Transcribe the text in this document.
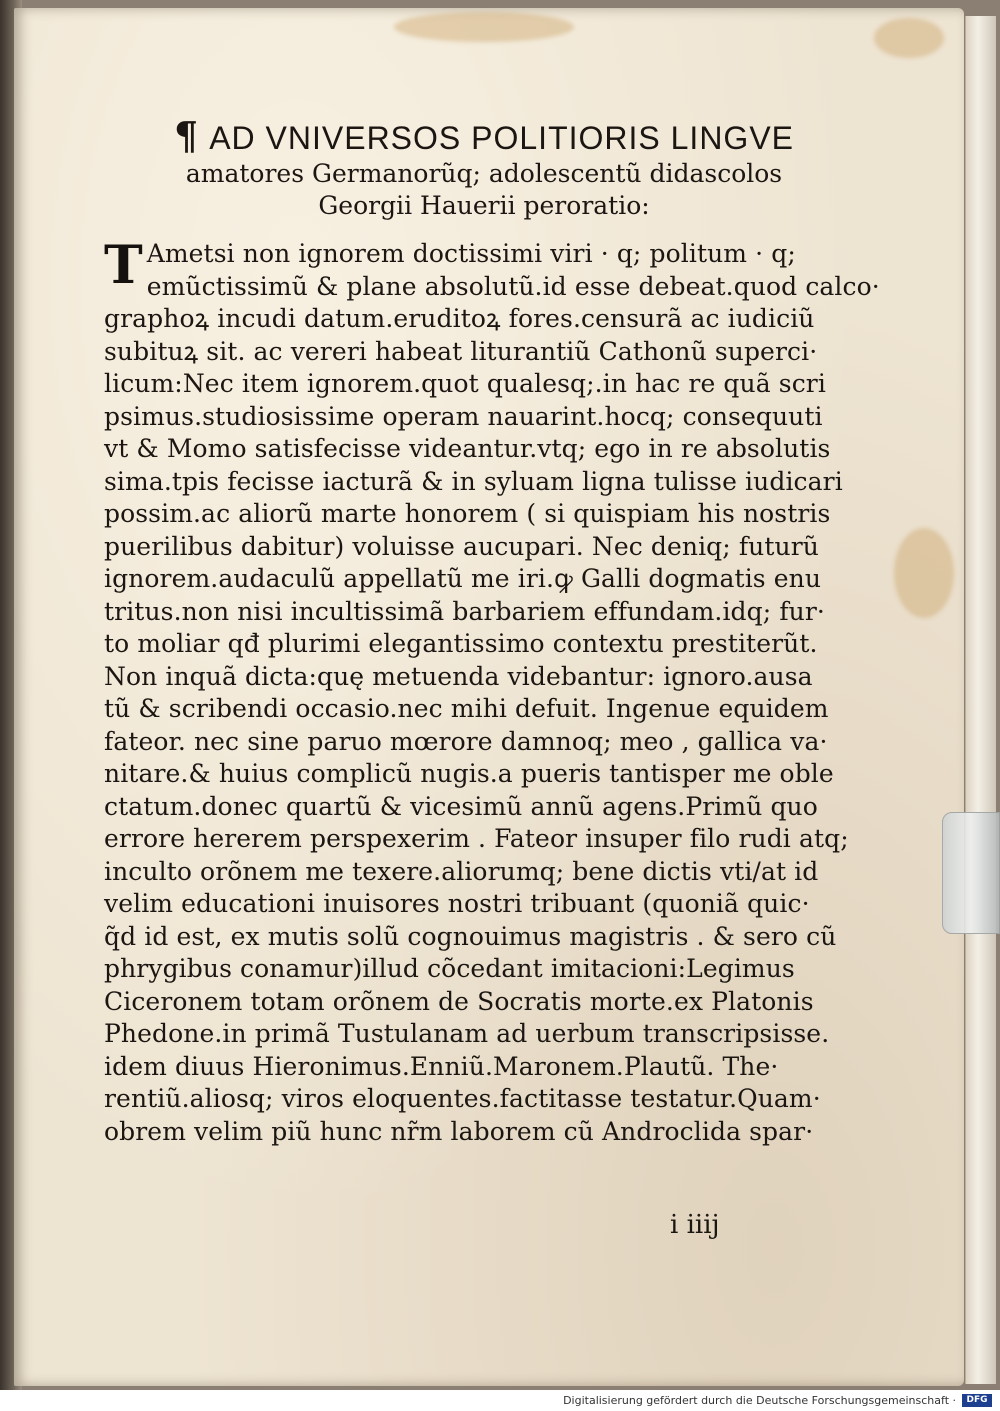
¶ AD VNIVERSOS POLITIORIS LINGVE
amatores Germanorũq; adolescentũ didascolos
Georgii Hauerii peroratio:
T Ametsi non ignorem doctissimi viri · q; politum · q;
emũctissimũ & plane absolutũ.id esse debeat.quod calco·
graphoꝝ incudi datum.eruditoꝝ fores.censurã ac iudiciũ
subituꝝ sit. ac vereri habeat liturantiũ Cathonũ superci·
licum:Nec item ignorem.quot qualesq;.in hac re quã scri
psimus.studiosissime operam nauarint.hocq; consequuti
vt & Momo satisfecisse videantur.vtq; ego in re absolutis
sima.tpis fecisse iacturã & in syluam ligna tulisse iudicari
possim.ac aliorũ marte honorem ( si quispiam his nostris
puerilibus dabitur) voluisse aucupari. Nec deniq; futurũ
ignorem.audaculũ appellatũ me iri.ꝙ Galli dogmatis enu
tritus.non nisi incultissimã barbariem effundam.idq; fur·
to moliar qđ plurimi elegantissimo contextu prestiterũt.
Non inquã dicta:quę metuenda videbantur: ignoro.ausa
tũ & scribendi occasio.nec mihi defuit. Ingenue equidem
fateor. nec sine paruo mœrore damnoq; meo , gallica va·
nitare.& huius complicũ nugis.a pueris tantisper me oble
ctatum.donec quartũ & vicesimũ annũ agens.Primũ quo
errore hererem perspexerim . Fateor insuper filo rudi atq;
inculto orõnem me texere.aliorumq; bene dictis vti/at id
velim educationi inuisores nostri tribuant (quoniã quic·
q̃d id est, ex mutis solũ cognouimus magistris . & sero cũ
phrygibus conamur)illud cõcedant imitacioni:Legimus
Ciceronem totam orõnem de Socratis morte.ex Platonis
Phedone.in primã Tustulanam ad uerbum transcripsisse.
idem diuus Hieronimus.Enniũ.Maronem.Plautũ. The·
rentiũ.aliosq; viros eloquentes.factitasse testatur.Quam·
obrem velim piũ hunc nr̃m laborem cũ Androclida spar·
i iiij
Digitalisierung gefördert durch die Deutsche Forschungsgemeinschaft ·	DFG
